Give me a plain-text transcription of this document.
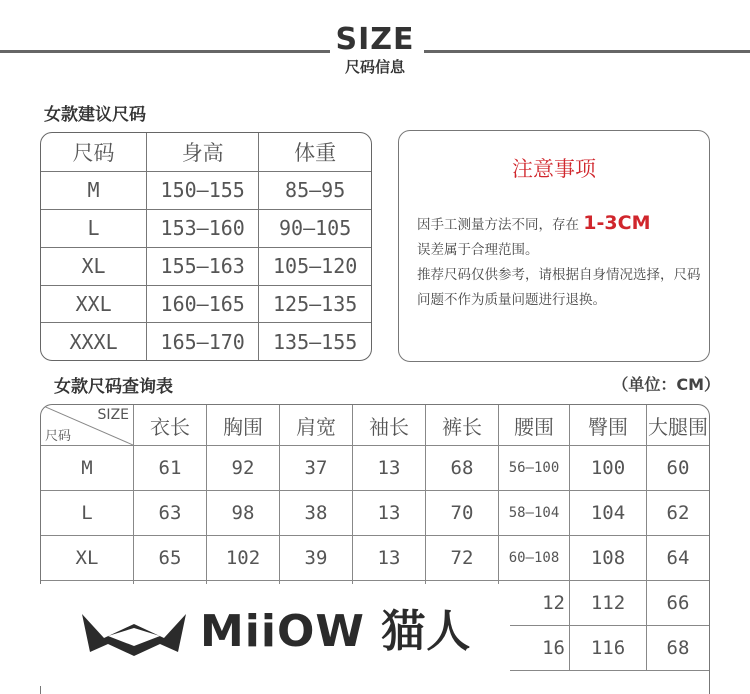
SIZE
尺码信息
女款建议尺码
尺码	身高	体重
M	150—155	85—95
L	153—160	90—105
XL	155—163	105—120
XXL	160—165	125—135
XXXL	165—170	135—155
注意事项
因手工测量方法不同，存在 1-3CM
误差属于合理范围。
推荐尺码仅供参考，请根据自身情况选择，尺码问题不作为质量问题进行退换。
女款尺码查询表	（单位：CM）
SIZE
尺码	衣长	胸围	肩宽	袖长	裤长	腰围	臀围	大腿围
M	61	92	37	13	68	56—100	100	60
L	63	98	38	13	70	58—104	104	62
XL	65	102	39	13	72	60—108	108	64
						12	112	66
						16	116	68
MiiOW 猫人
